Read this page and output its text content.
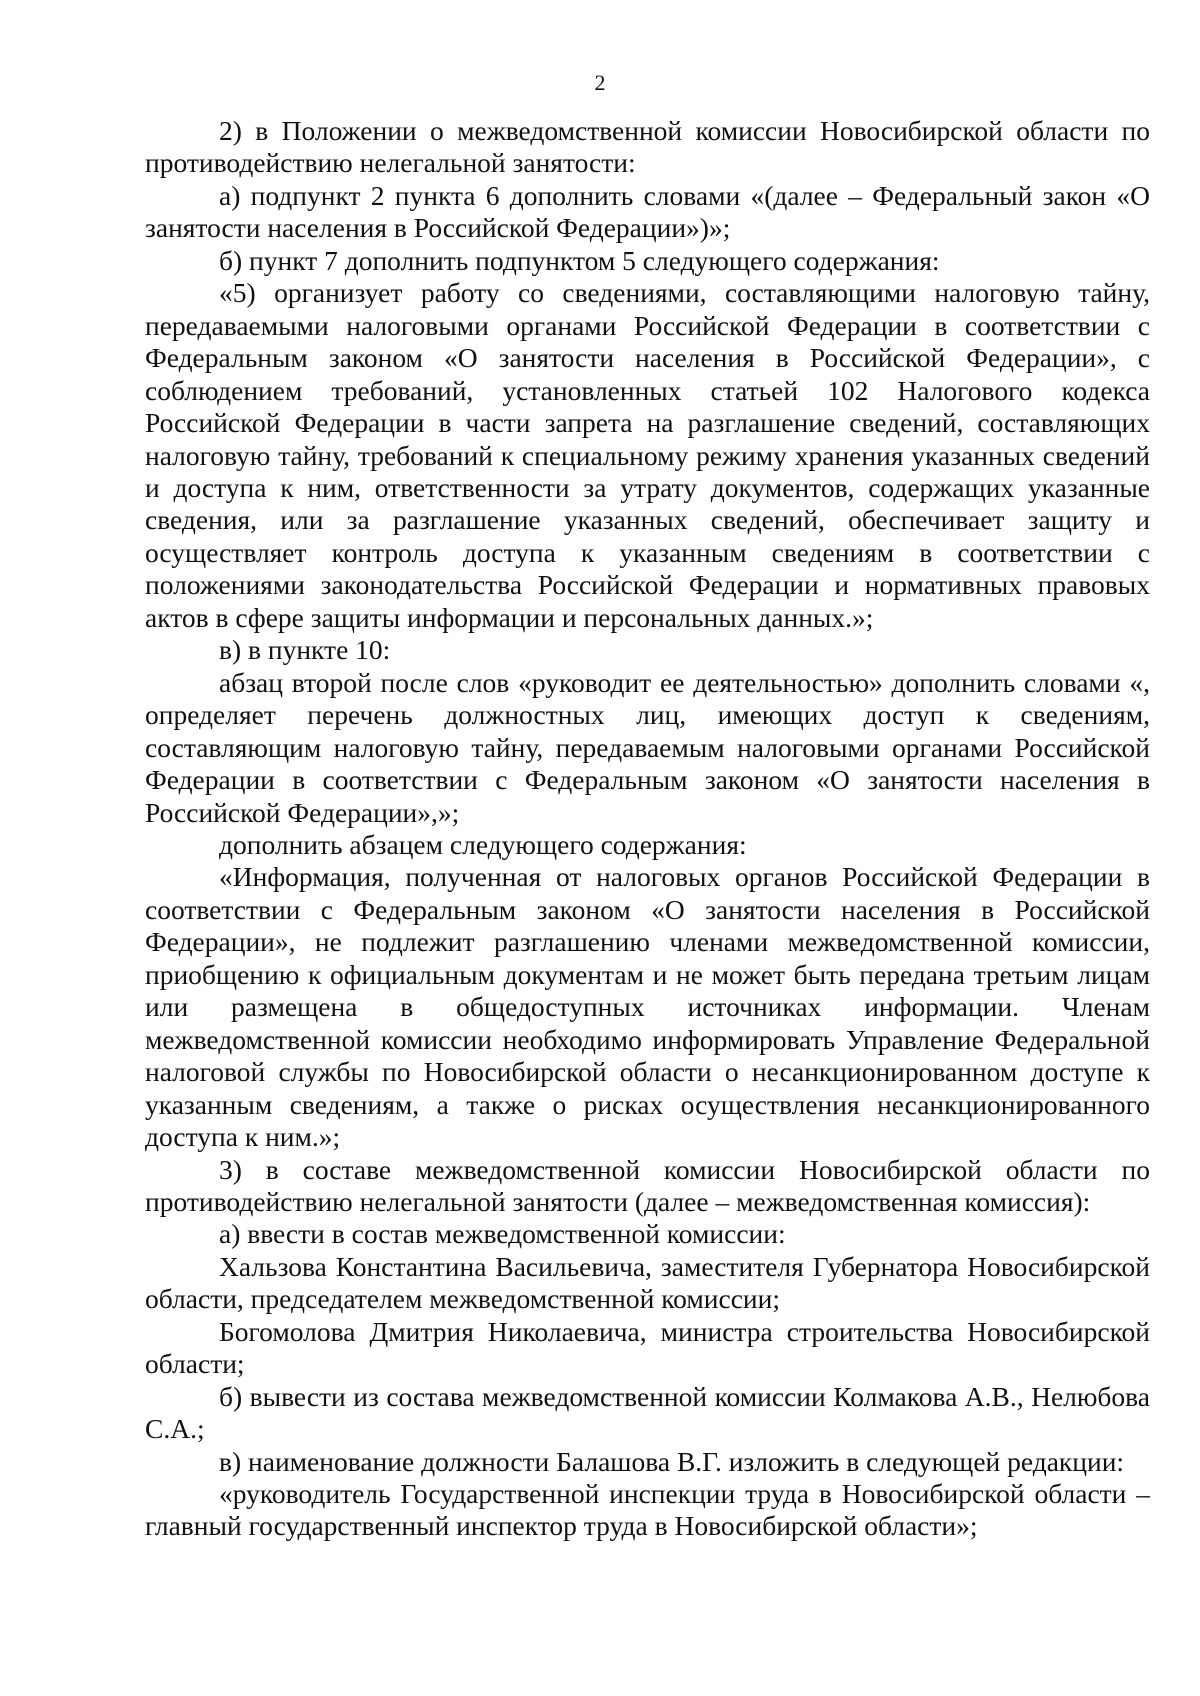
2

2) в Положении о межведомственной комиссии Новосибирской области по противодействию нелегальной занятости:

а) подпункт 2 пункта 6 дополнить словами «(далее – Федеральный закон «О занятости населения в Российской Федерации»)»;

б) пункт 7 дополнить подпунктом 5 следующего содержания:

«5) организует работу со сведениями, составляющими налоговую тайну, передаваемыми налоговыми органами Российской Федерации в соответствии с Федеральным законом «О занятости населения в Российской Федерации», с соблюдением требований, установленных статьей 102 Налогового кодекса Российской Федерации в части запрета на разглашение сведений, составляющих налоговую тайну, требований к специальному режиму хранения указанных сведений и доступа к ним, ответственности за утрату документов, содержащих указанные сведения, или за разглашение указанных сведений, обеспечивает защиту и осуществляет контроль доступа к указанным сведениям в соответствии с положениями законодательства Российской Федерации и нормативных правовых актов в сфере защиты информации и персональных данных.»;

в) в пункте 10:

абзац второй после слов «руководит ее деятельностью» дополнить словами «, определяет перечень должностных лиц, имеющих доступ к сведениям, составляющим налоговую тайну, передаваемым налоговыми органами Российской Федерации в соответствии с Федеральным законом «О занятости населения в Российской Федерации»,»;

дополнить абзацем следующего содержания:

«Информация, полученная от налоговых органов Российской Федерации в соответствии с Федеральным законом «О занятости населения в Российской Федерации», не подлежит разглашению членами межведомственной комиссии, приобщению к официальным документам и не может быть передана третьим лицам или размещена в общедоступных источниках информации. Членам межведомственной комиссии необходимо информировать Управление Федеральной налоговой службы по Новосибирской области о несанкционированном доступе к указанным сведениям, а также о рисках осуществления несанкционированного доступа к ним.»;

3) в составе межведомственной комиссии Новосибирской области по противодействию нелегальной занятости (далее – межведомственная комиссия):

а) ввести в состав межведомственной комиссии:

Хальзова Константина Васильевича, заместителя Губернатора Новосибирской области, председателем межведомственной комиссии;

Богомолова Дмитрия Николаевича, министра строительства Новосибирской области;

б) вывести из состава межведомственной комиссии Колмакова А.В., Нелюбова С.А.;

в) наименование должности Балашова В.Г. изложить в следующей редакции:

«руководитель Государственной инспекции труда в Новосибирской области – главный государственный инспектор труда в Новосибирской области»;
